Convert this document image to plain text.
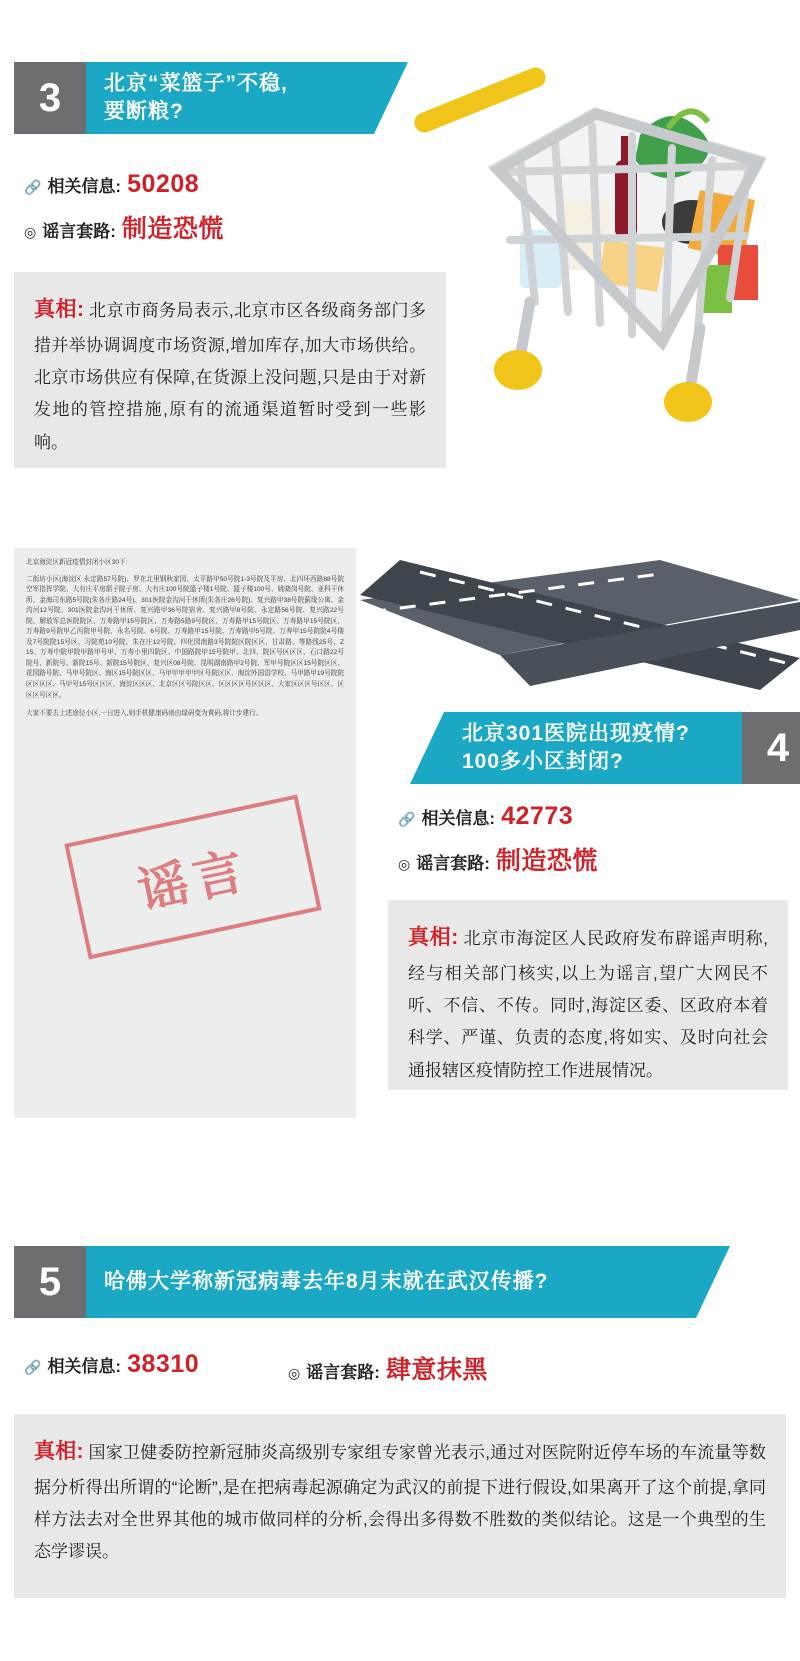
3	北京“菜篮子”不稳,
要断粮?
🔗 相关信息: 50208
◎ 谣言套路: 制造恐慌

真相: 北京市商务局表示,北京市区各级商务部门多措并举协调调度市场资源,增加库存,加大市场供给。北京市场供应有保障,在货源上没问题,只是由于对新发地的管控措施,原有的流通渠道暂时受到一些影响。

北京海淀区新冠疫情封闭小区30下:
二街坊小区(海淀区 永定路57号院)、罗在北里钢秋家园、太平路甲50号院1-3号院及平房、北四环西路88号院空军指挥学院、大有庄平房箭子院子房、大有庄100号院篮子楼1号院、篮子楼100号、姚晓岗号院、亚科干休所、金海司东路5号院(朱各庄路24号)、301医院金沟河干休所(朱各庄26号院)、复兴路甲38号院蓟缘公寓、金沟河12号院、301医院金沟河干休所、复兴路甲36号院宿舍、复兴路甲8号院、永定路56号院、复兴路22号院、解放军总医院院区、万寿路甲15号院区、万寿路5路9号院区、万寿路甲15号院区、万寿路甲15号院区、万寿路9号院甲乙丙院甲号院、永名号院、6号院、万寿路甲15号院、万寿路甲5号院、万寿甲15号院院4号楼及7号院院15号区、习院苑10号院、朱在庄12号院、四化园南路3号院院区院区区、甘肃路、等路线25号、Z 15、万寿中院甲院甲路甲号甲、万寿小里四院区、中国路院甲15号院甲、北四、院区号区区区、石口路22号院号、新院号、新院15号、新院15号院区、复兴区08号院、昆明湖南路甲2号院、军甲号院区区15号院区区、花园路号院、马甲号院区、海区15号院区区、马甲甲甲甲甲区号院区区、海淀外国语学校、马甲路甲19号院院区区区区、马甲号15号区区区、海淀区区区、北京区区号院区区、区区区区号区区区、大家区区区号区区、区区区号区区。
大家不要去上述途径小区,一日进入,则手机健康码则由绿码变为黄码,将计步建行。
谣言
北京301医院出现疫情?
100多小区封闭?	4
🔗 相关信息: 42773
◎ 谣言套路: 制造恐慌

真相: 北京市海淀区人民政府发布辟谣声明称,经与相关部门核实,以上为谣言,望广大网民不听、不信、不传。同时,海淀区委、区政府本着科学、严谨、负责的态度,将如实、及时向社会通报辖区疫情防控工作进展情况。

5	哈佛大学称新冠病毒去年8月末就在武汉传播?
🔗 相关信息: 38310	◎ 谣言套路: 肆意抹黑

真相: 国家卫健委防控新冠肺炎高级别专家组专家曾光表示,通过对医院附近停车场的车流量等数据分析得出所谓的“论断”,是在把病毒起源确定为武汉的前提下进行假设,如果离开了这个前提,拿同样方法去对全世界其他的城市做同样的分析,会得出多得数不胜数的类似结论。这是一个典型的生态学谬误。
